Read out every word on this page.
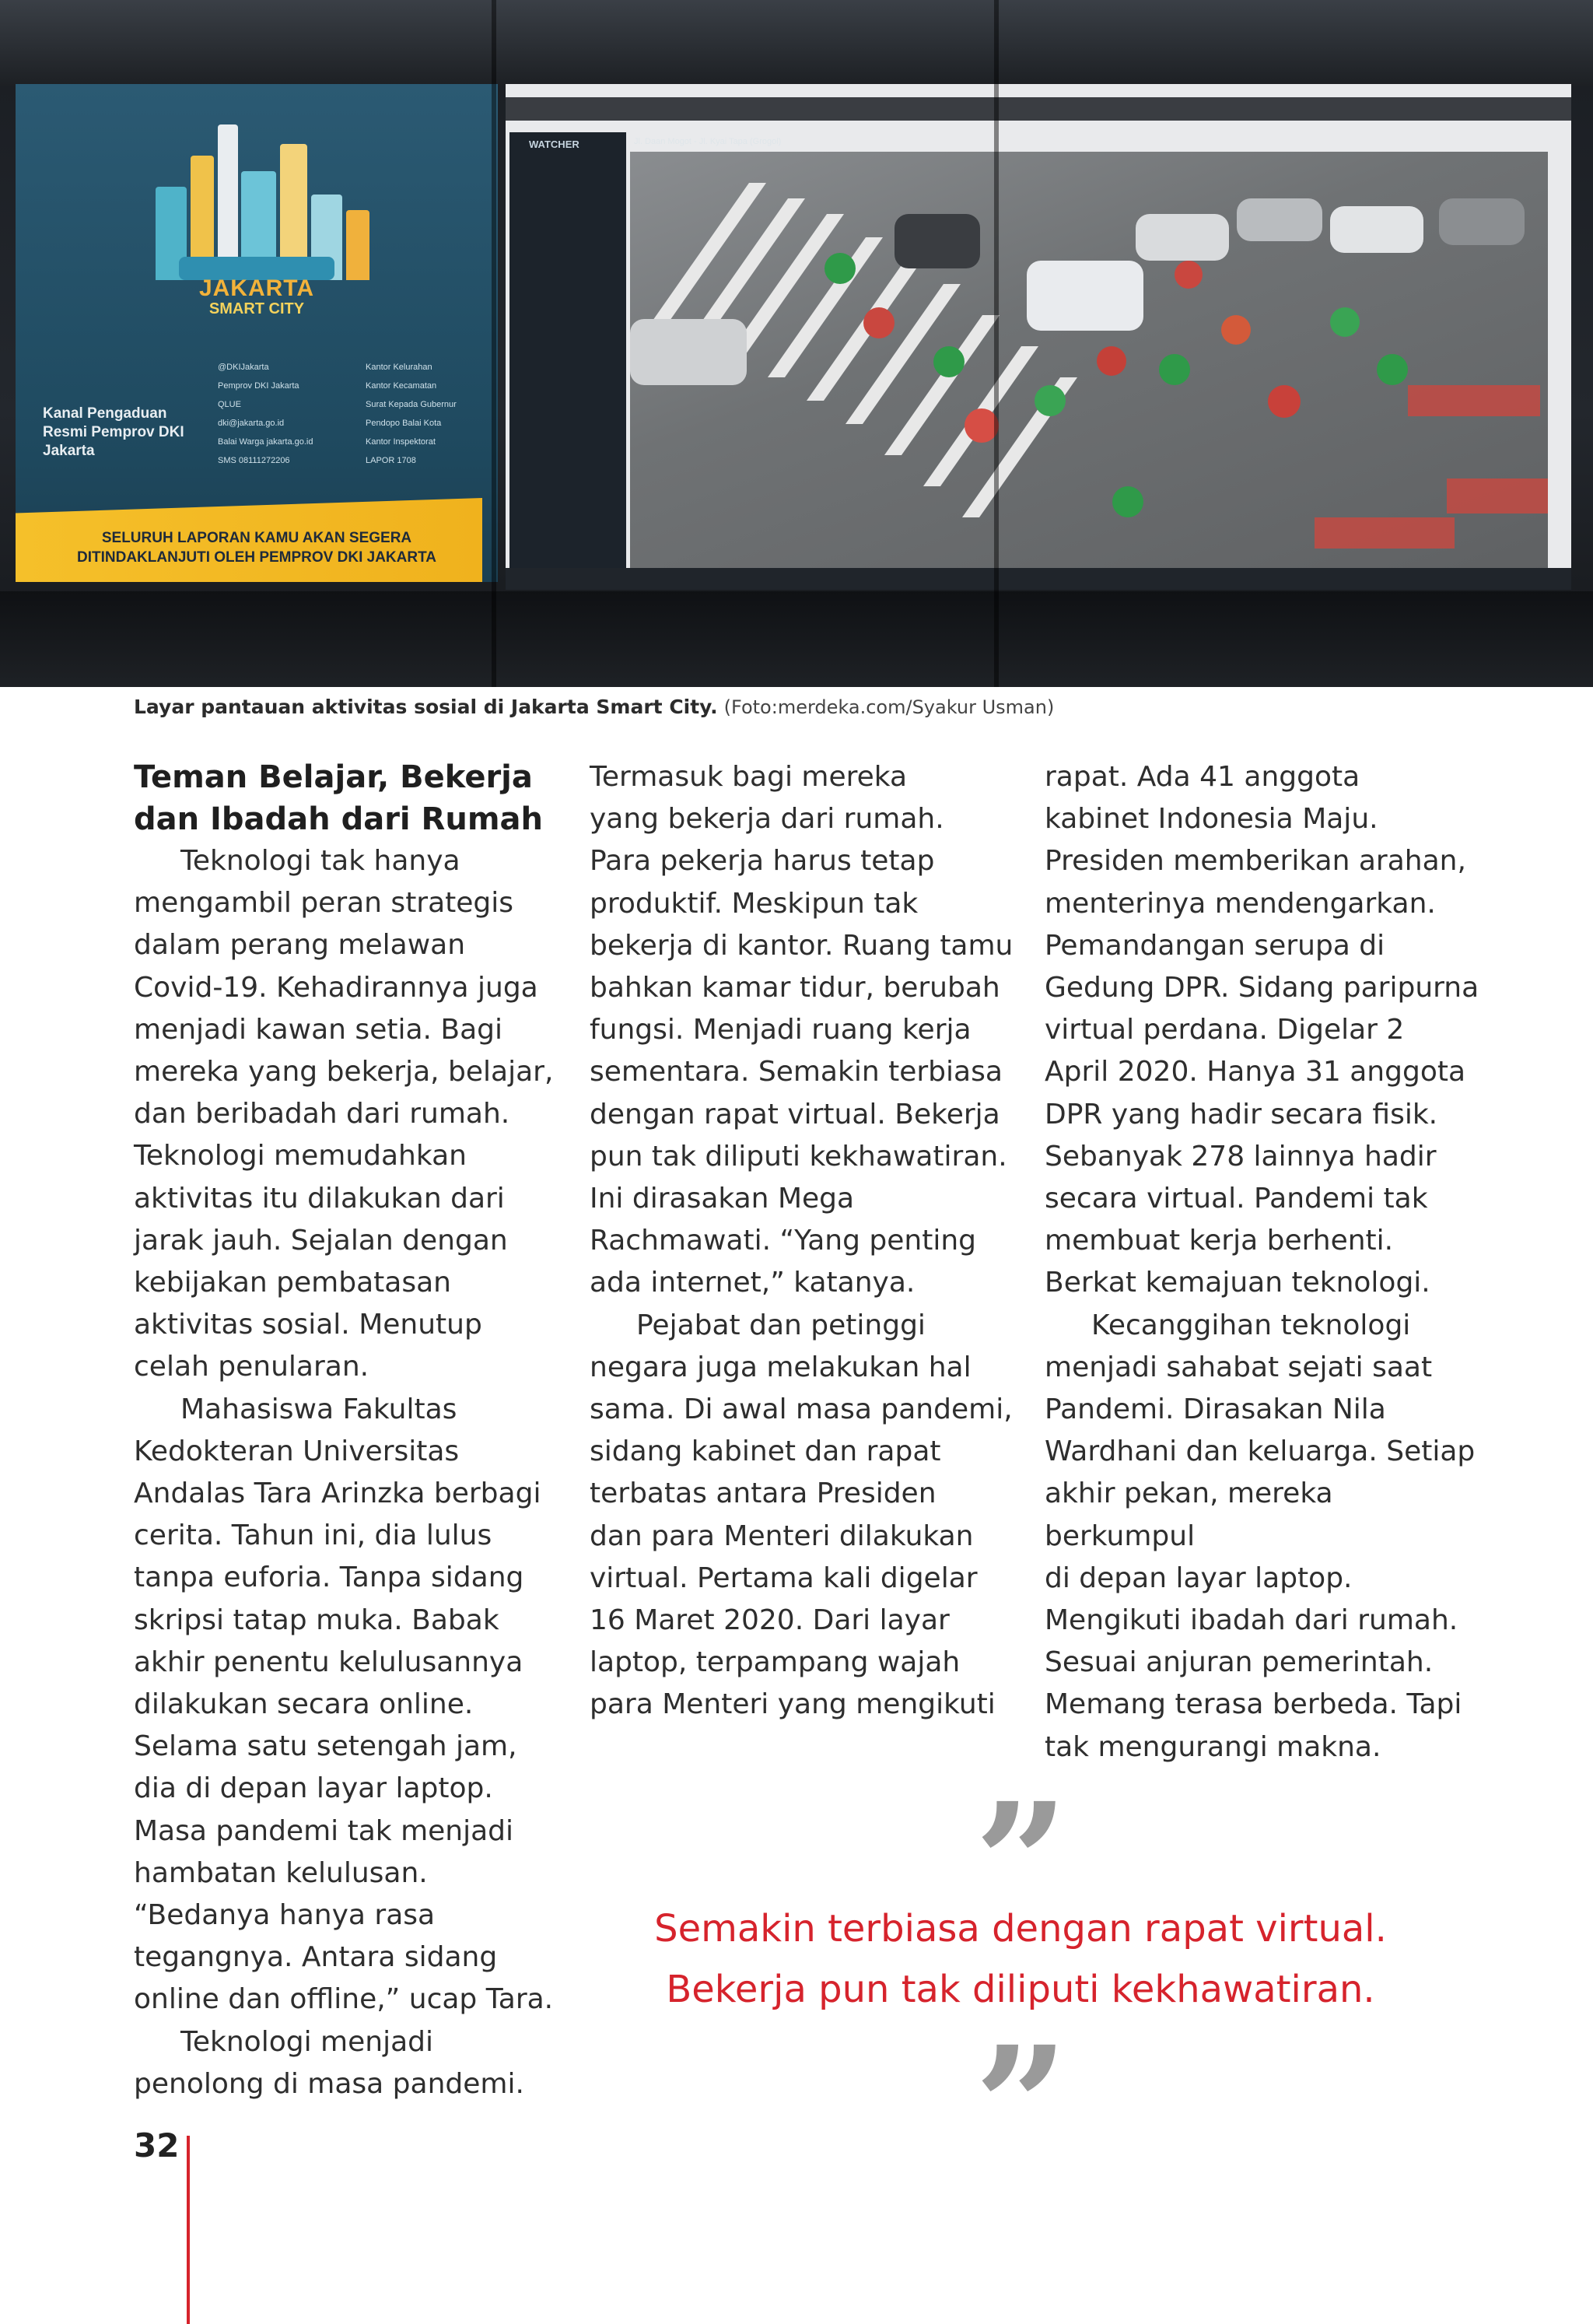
JAKARTA
SMART CITY
Kanal Pengaduan Resmi Pemprov DKI Jakarta
@DKIJakarta
Pemprov DKI Jakarta
QLUE
dki@jakarta.go.id
Balai Warga jakarta.go.id
SMS 08111272206
Kantor Kelurahan
Kantor Kecamatan
Surat Kepada Gubernur
Pendopo Balai Kota
Kantor Inspektorat
LAPOR 1708
SELURUH LAPORAN KAMU AKAN SEGERA
DITINDAKLANJUTI OLEH PEMPROV DKI JAKARTA
WATCHER	Jl. Daan Mogot - Jl. Kyai Tapa (Grogol)
Layar pantauan aktivitas sosial di Jakarta Smart City. (Foto:merdeka.com/Syakur Usman)

Teman Belajar, Bekerja

dan Ibadah dari Rumah

Teknologi tak hanya

mengambil peran strategis

dalam perang melawan

Covid-19. Kehadirannya juga

menjadi kawan setia. Bagi

mereka yang bekerja, belajar,

dan beribadah dari rumah.

Teknologi memudahkan

aktivitas itu dilakukan dari

jarak jauh. Sejalan dengan

kebijakan pembatasan

aktivitas sosial. Menutup

celah penularan.

Mahasiswa Fakultas

Kedokteran Universitas

Andalas Tara Arinzka berbagi

cerita. Tahun ini, dia lulus

tanpa euforia. Tanpa sidang

skripsi tatap muka. Babak

akhir penentu kelulusannya

dilakukan secara online.

Selama satu setengah jam,

dia di depan layar laptop.

Masa pandemi tak menjadi

hambatan kelulusan.

“Bedanya hanya rasa

tegangnya. Antara sidang

online dan offline,” ucap Tara.

Teknologi menjadi

penolong di masa pandemi.

Termasuk bagi mereka

yang bekerja dari rumah.

Para pekerja harus tetap

produktif. Meskipun tak

bekerja di kantor. Ruang tamu

bahkan kamar tidur, berubah

fungsi. Menjadi ruang kerja

sementara. Semakin terbiasa

dengan rapat virtual. Bekerja

pun tak diliputi kekhawatiran.

Ini dirasakan Mega

Rachmawati. “Yang penting

ada internet,” katanya.

Pejabat dan petinggi

negara juga melakukan hal

sama. Di awal masa pandemi,

sidang kabinet dan rapat

terbatas antara Presiden

dan para Menteri dilakukan

virtual. Pertama kali digelar

16 Maret 2020. Dari layar

laptop, terpampang wajah

para Menteri yang mengikuti

rapat. Ada 41 anggota

kabinet Indonesia Maju.

Presiden memberikan arahan,

menterinya mendengarkan.

Pemandangan serupa di

Gedung DPR. Sidang paripurna

virtual perdana. Digelar 2

April 2020. Hanya 31 anggota

DPR yang hadir secara fisik.

Sebanyak 278 lainnya hadir

secara virtual. Pandemi tak

membuat kerja berhenti.

Berkat kemajuan teknologi.

Kecanggihan teknologi

menjadi sahabat sejati saat

Pandemi. Dirasakan Nila

Wardhani dan keluarga. Setiap

akhir pekan, mereka berkumpul

di depan layar laptop.

Mengikuti ibadah dari rumah.

Sesuai anjuran pemerintah.

Memang terasa berbeda. Tapi

tak mengurangi makna.

”
Semakin terbiasa dengan rapat virtual.
Bekerja pun tak diliputi kekhawatiran.
”
32
